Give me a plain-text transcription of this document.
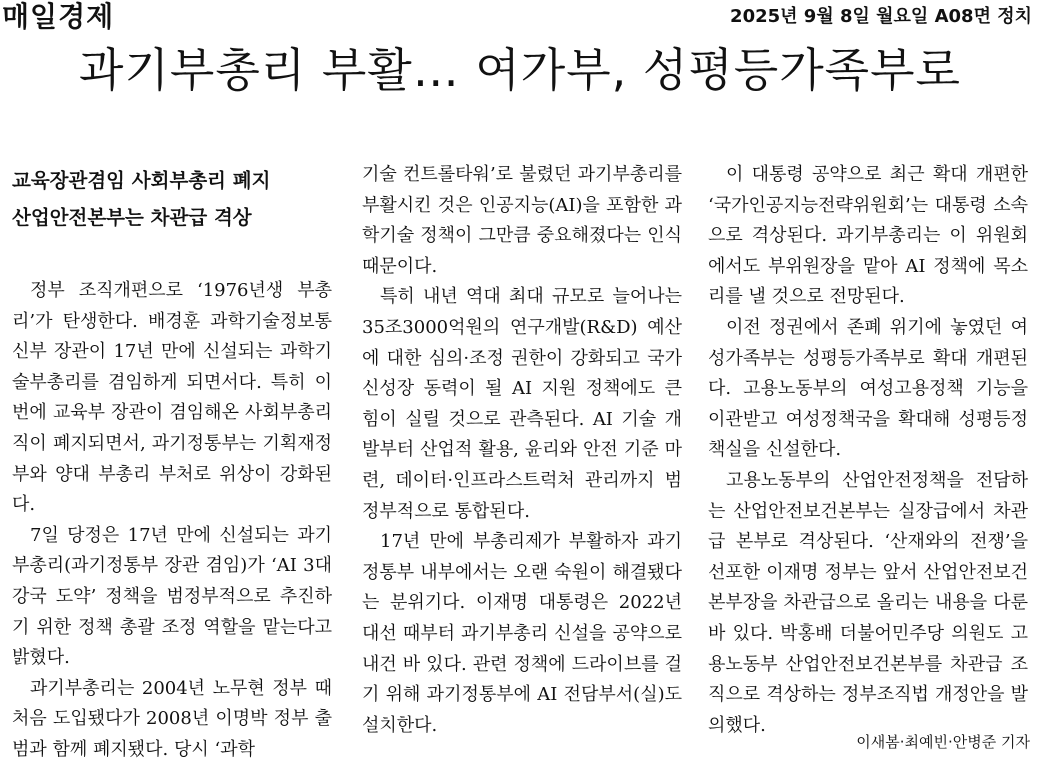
매일경제	2025년 9월 8일 월요일 A08면 정치
과기부총리 부활… 여가부, 성평등가족부로
교육장관겸임 사회부총리 폐지
산업안전본부는 차관급 격상

정부 조직개편으로 ‘1976년생 부총리’가 탄생한다. 배경훈 과학기술정보통신부 장관이 17년 만에 신설되는 과학기술부총리를 겸임하게 되면서다. 특히 이번에 교육부 장관이 겸임해온 사회부총리직이 폐지되면서, 과기정통부는 기획재정부와 양대 부총리 부처로 위상이 강화된다.

7일 당정은 17년 만에 신설되는 과기부총리(과기정통부 장관 겸임)가 ‘AI 3대 강국 도약’ 정책을 범정부적으로 추진하기 위한 정책 총괄 조정 역할을 맡는다고 밝혔다.

과기부총리는 2004년 노무현 정부 때 처음 도입됐다가 2008년 이명박 정부 출범과 함께 폐지됐다. 당시 ‘과학

기술 컨트롤타워’로 불렸던 과기부총리를 부활시킨 것은 인공지능(AI)을 포함한 과학기술 정책이 그만큼 중요해졌다는 인식 때문이다.

특히 내년 역대 최대 규모로 늘어나는 35조3000억원의 연구개발(R&D) 예산에 대한 심의·조정 권한이 강화되고 국가 신성장 동력이 될 AI 지원 정책에도 큰 힘이 실릴 것으로 관측된다. AI 기술 개발부터 산업적 활용, 윤리와 안전 기준 마련, 데이터·인프라스트럭처 관리까지 범정부적으로 통합된다.

17년 만에 부총리제가 부활하자 과기정통부 내부에서는 오랜 숙원이 해결됐다는 분위기다. 이재명 대통령은 2022년 대선 때부터 과기부총리 신설을 공약으로 내건 바 있다. 관련 정책에 드라이브를 걸기 위해 과기정통부에 AI 전담부서(실)도 설치한다.

이 대통령 공약으로 최근 확대 개편한 ‘국가인공지능전략위원회’는 대통령 소속으로 격상된다. 과기부총리는 이 위원회에서도 부위원장을 맡아 AI 정책에 목소리를 낼 것으로 전망된다.

이전 정권에서 존폐 위기에 놓였던 여성가족부는 성평등가족부로 확대 개편된다. 고용노동부의 여성고용정책 기능을 이관받고 여성정책국을 확대해 성평등정책실을 신설한다.

고용노동부의 산업안전정책을 전담하는 산업안전보건본부는 실장급에서 차관급 본부로 격상된다. ‘산재와의 전쟁’을 선포한 이재명 정부는 앞서 산업안전보건본부장을 차관급으로 올리는 내용을 다룬 바 있다. 박홍배 더불어민주당 의원도 고용노동부 산업안전보건본부를 차관급 조직으로 격상하는 정부조직법 개정안을 발의했다.

이새봄·최예빈·안병준 기자
